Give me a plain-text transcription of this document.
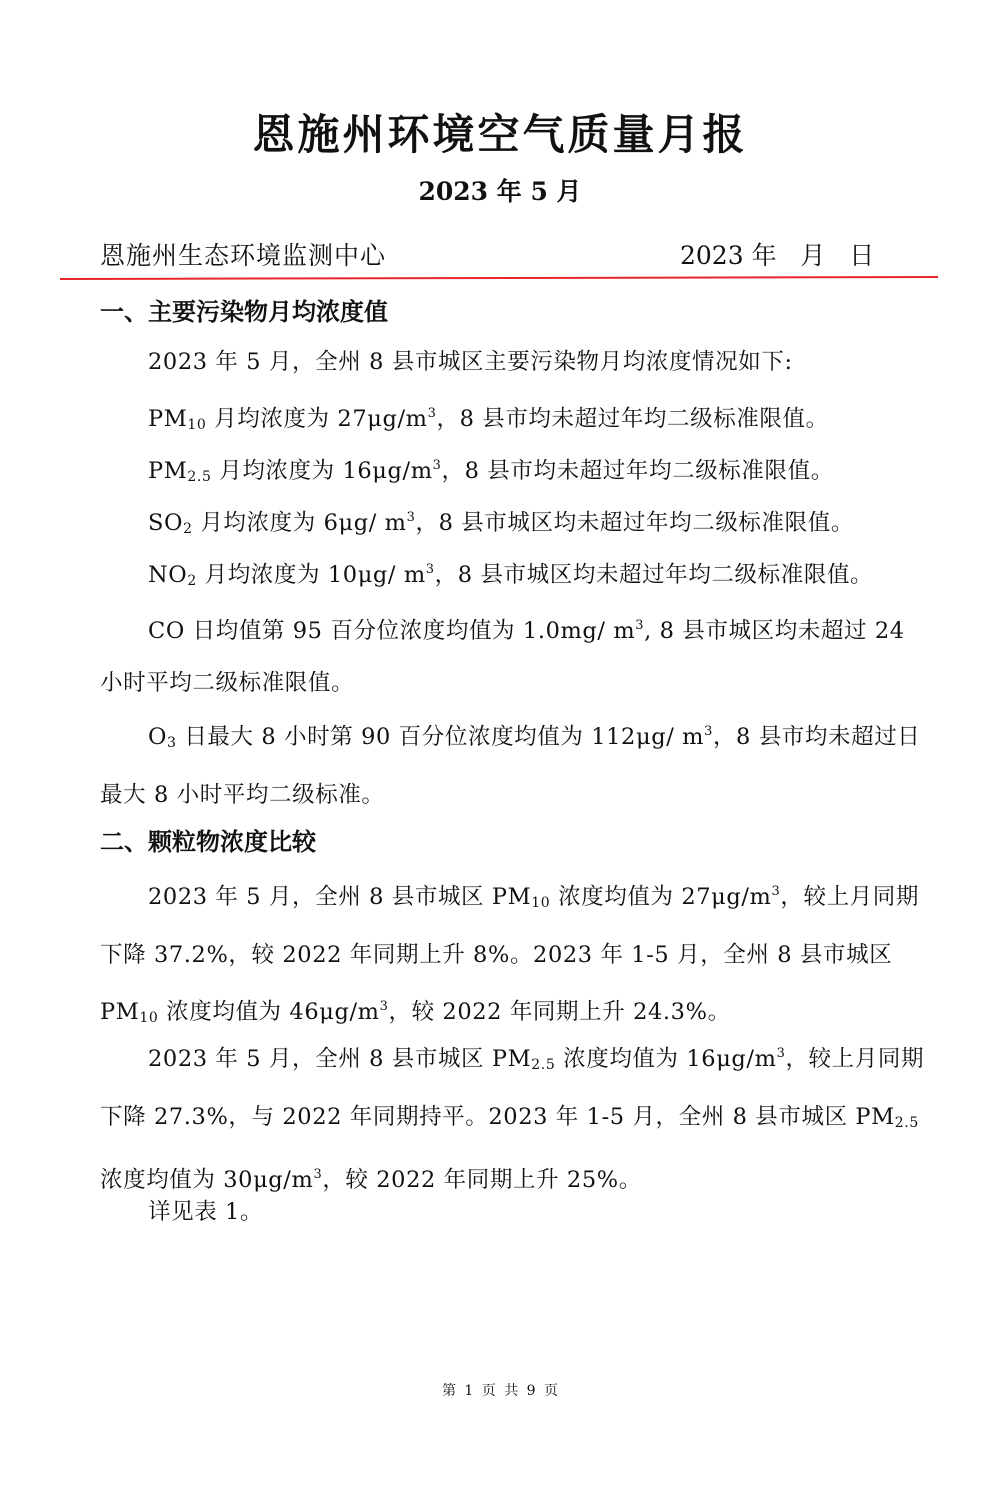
恩施州环境空气质量月报
2023 年 5 月
恩施州生态环境监测中心	2023 年   月   日
一、主要污染物月均浓度值

2023 年 5 月，全州 8 县市城区主要污染物月均浓度情况如下:

$PM_{10}$ 月均浓度为 $27\mu g/m^3$，8 县市均未超过年均二级标准限值。

$PM_{2.5}$ 月均浓度为 $16\mu g/m^3$，8 县市均未超过年均二级标准限值。

$SO_2$ 月均浓度为 6μg/ $m^3$，8 县市城区均未超过年均二级标准限值。

$NO_2$ 月均浓度为 10μg/ $m^3$，8 县市城区均未超过年均二级标准限值。

CO 日均值第 95 百分位浓度均值为 1.0mg/ $m^3$, 8 县市城区均未超过 24 小时平均二级标准限值。

$O_3$ 日最大 8 小时第 90 百分位浓度均值为 112μg/ $m^3$，8 县市均未超过日最大 8 小时平均二级标准。

二、颗粒物浓度比较

2023 年 5 月，全州 8 县市城区 $PM_{10}$ 浓度均值为 $27\mu g/m^3$，较上月同期下降 37.2%，较 2022 年同期上升 8%。2023 年 1-5 月，全州 8 县市城区 $PM_{10}$ 浓度均值为 $46\mu g/m^3$，较 2022 年同期上升 24.3%。

2023 年 5 月，全州 8 县市城区 $PM_{2.5}$ 浓度均值为 $16\mu g/m^3$，较上月同期下降 27.3%，与 2022 年同期持平。2023 年 1-5 月，全州 8 县市城区 $PM_{2.5}$ 浓度均值为 $30\mu g/m^3$，较 2022 年同期上升 25%。

详见表 1。

第 1 页 共 9 页
